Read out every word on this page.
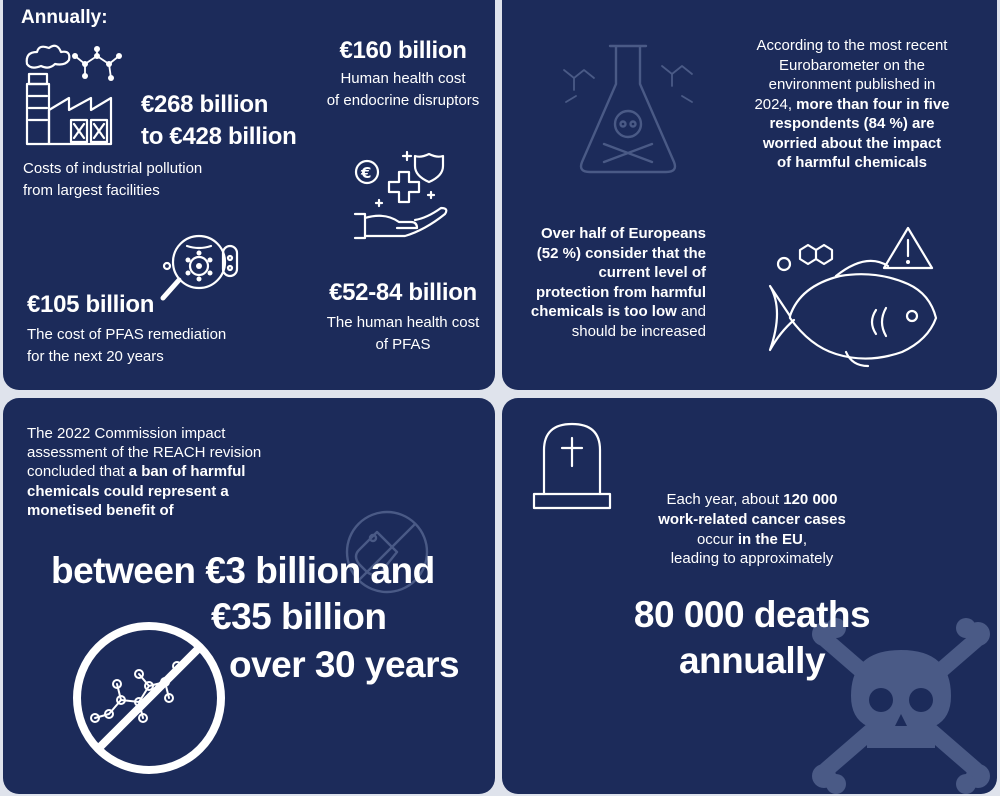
Annually:
€268 billion
to €428 billion
Costs of industrial pollution
from largest facilities
€160 billion
Human health cost
of endocrine disruptors
€
€105 billion
The cost of PFAS remediation
for the next 20 years
€52-84 billion
The human health cost
of PFAS
According to the most recent
Eurobarometer on the
environment published in
2024, more than four in five
respondents (84 %) are
worried about the impact
of harmful chemicals
Over half of Europeans
(52 %) consider that the
current level of
protection from harmful
chemicals is too low and
should be increased
The 2022 Commission impact
assessment of the REACH revision
concluded that a ban of harmful
chemicals could represent a
monetised benefit of
between €3 billion and
€35 billion
over 30 years
Each year, about 120 000
work-related cancer cases
occur in the EU,
leading to approximately
80 000 deaths
annually
